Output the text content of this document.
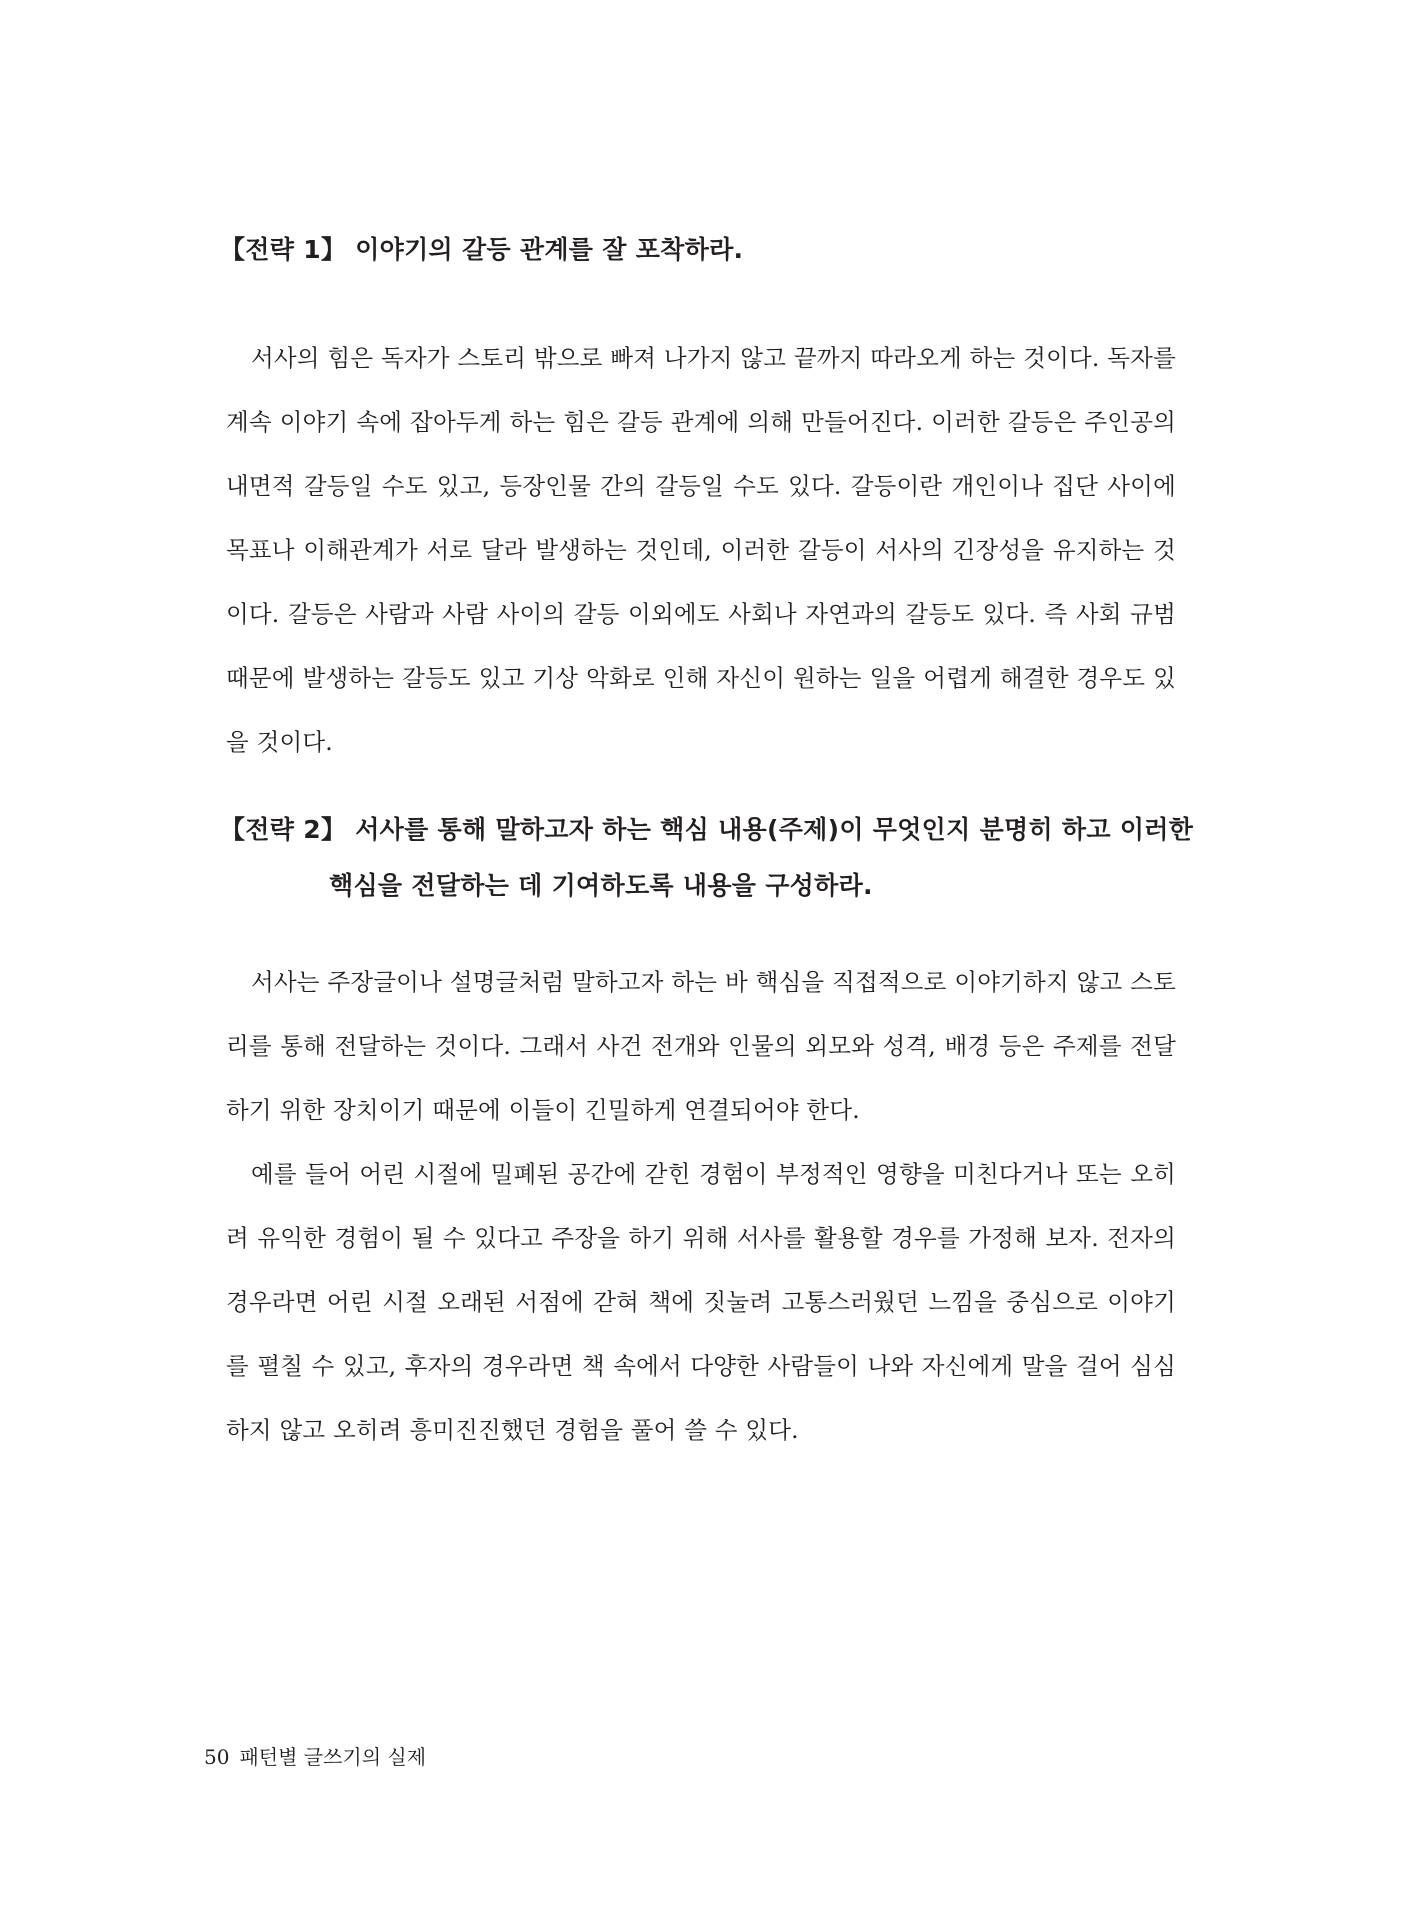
【전략 1】 이야기의 갈등 관계를 잘 포착하라.

서사의 힘은 독자가 스토리 밖으로 빠져 나가지 않고 끝까지 따라오게 하는 것이다. 독자를 계속 이야기 속에 잡아두게 하는 힘은 갈등 관계에 의해 만들어진다. 이러한 갈등은 주인공의 내면적 갈등일 수도 있고, 등장인물 간의 갈등일 수도 있다. 갈등이란 개인이나 집단 사이에 목표나 이해관계가 서로 달라 발생하는 것인데, 이러한 갈등이 서사의 긴장성을 유지하는 것이다. 갈등은 사람과 사람 사이의 갈등 이외에도 사회나 자연과의 갈등도 있다. 즉 사회 규범 때문에 발생하는 갈등도 있고 기상 악화로 인해 자신이 원하는 일을 어렵게 해결한 경우도 있을 것이다.

【전략 2】 서사를 통해 말하고자 하는 핵심 내용(주제)이 무엇인지 분명히 하고 이러한
핵심을 전달하는 데 기여하도록 내용을 구성하라.

서사는 주장글이나 설명글처럼 말하고자 하는 바 핵심을 직접적으로 이야기하지 않고 스토리를 통해 전달하는 것이다. 그래서 사건 전개와 인물의 외모와 성격, 배경 등은 주제를 전달하기 위한 장치이기 때문에 이들이 긴밀하게 연결되어야 한다.

예를 들어 어린 시절에 밀폐된 공간에 갇힌 경험이 부정적인 영향을 미친다거나 또는 오히려 유익한 경험이 될 수 있다고 주장을 하기 위해 서사를 활용할 경우를 가정해 보자. 전자의 경우라면 어린 시절 오래된 서점에 갇혀 책에 짓눌려 고통스러웠던 느낌을 중심으로 이야기를 펼칠 수 있고, 후자의 경우라면 책 속에서 다양한 사람들이 나와 자신에게 말을 걸어 심심하지 않고 오히려 흥미진진했던 경험을 풀어 쓸 수 있다.

50 패턴별 글쓰기의 실제
